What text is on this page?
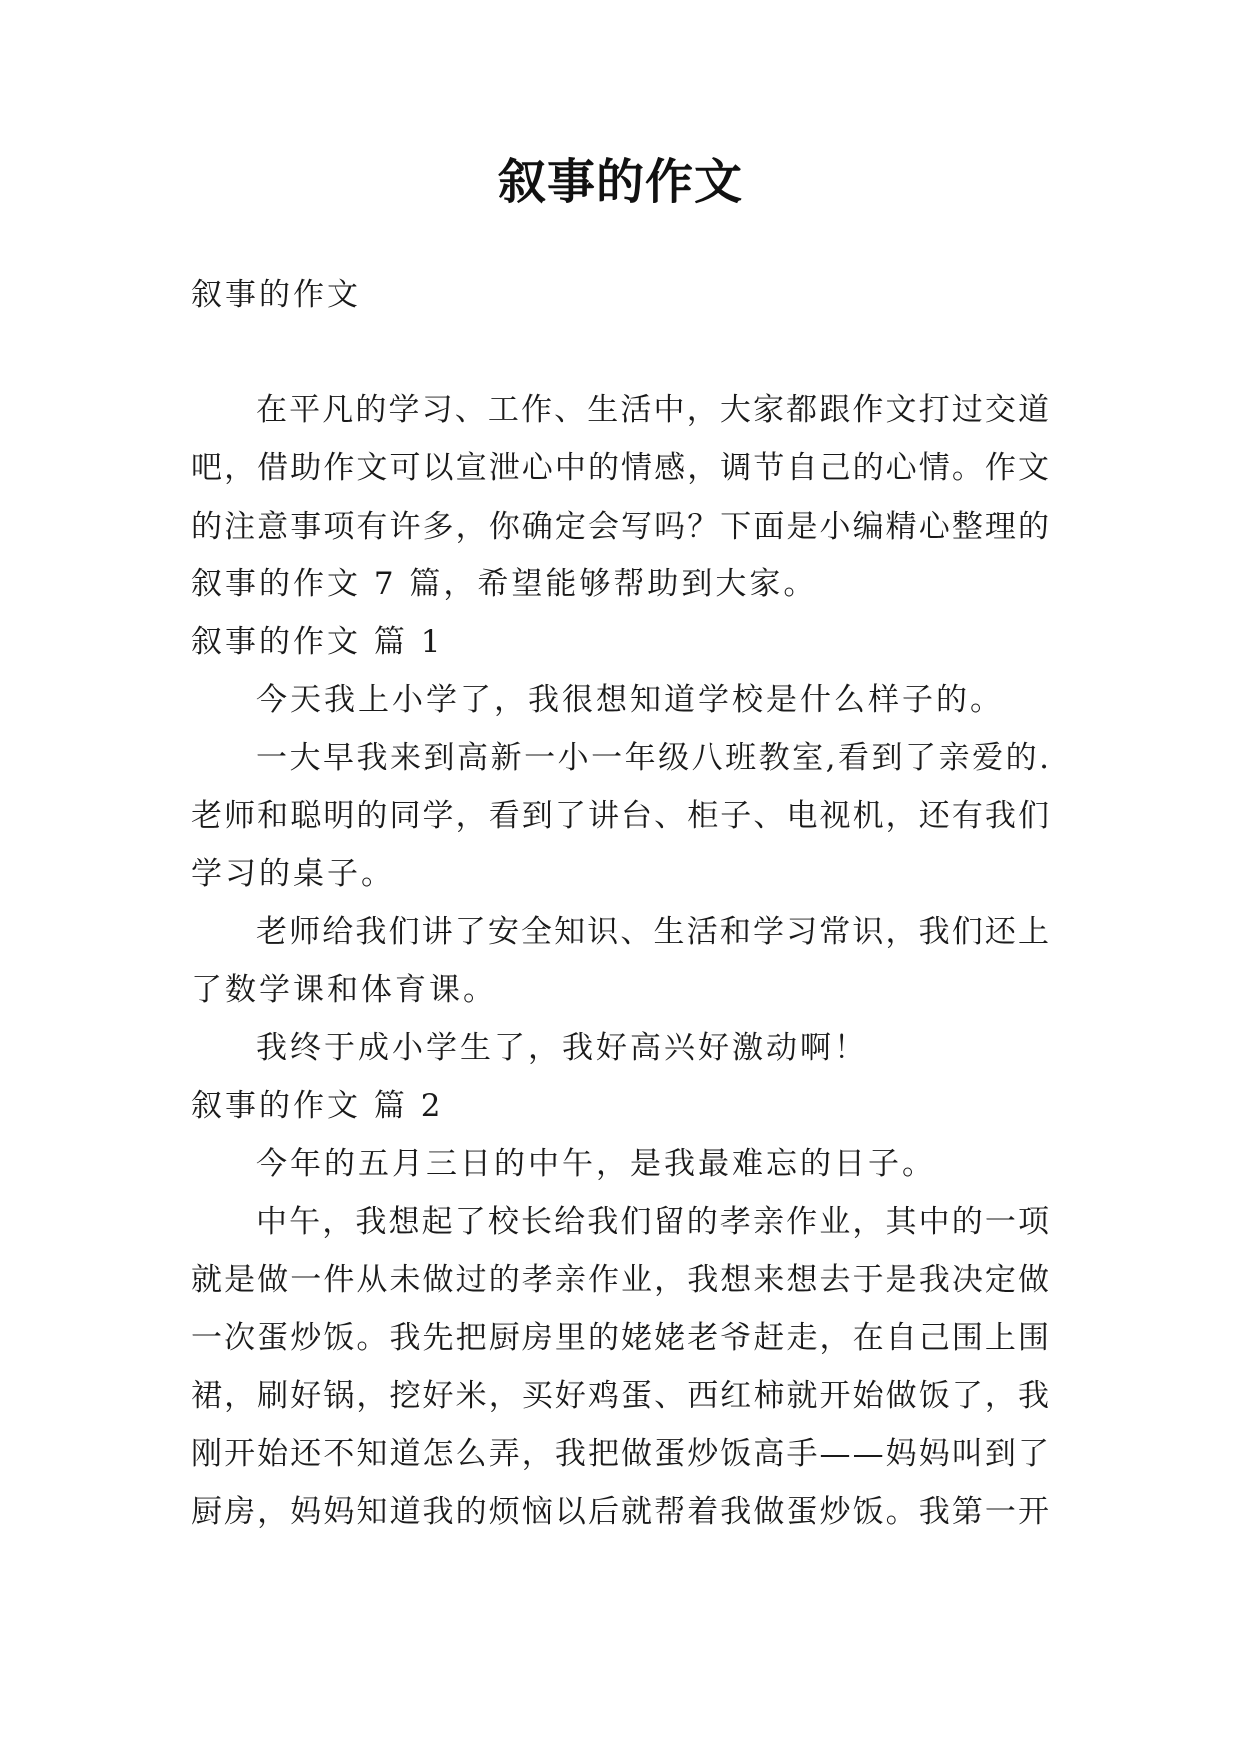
叙事的作文
叙事的作文
在平凡的学习、工作、生活中，大家都跟作文打过交道
吧，借助作文可以宣泄心中的情感，调节自己的心情。作文
的注意事项有许多，你确定会写吗？下面是小编精心整理的
叙事的作文 7 篇，希望能够帮助到大家。
叙事的作文 篇 1
今天我上小学了，我很想知道学校是什么样子的。
一大早我来到高新一小一年级八班教室,看到了亲爱的.
老师和聪明的同学，看到了讲台、柜子、电视机，还有我们
学习的桌子。
老师给我们讲了安全知识、生活和学习常识，我们还上
了数学课和体育课。
我终于成小学生了，我好高兴好激动啊！
叙事的作文 篇 2
今年的五月三日的中午，是我最难忘的日子。
中午，我想起了校长给我们留的孝亲作业，其中的一项
就是做一件从未做过的孝亲作业，我想来想去于是我决定做
一次蛋炒饭。我先把厨房里的姥姥老爷赶走，在自己围上围
裙，刷好锅，挖好米，买好鸡蛋、西红柿就开始做饭了，我
刚开始还不知道怎么弄，我把做蛋炒饭高手——妈妈叫到了
厨房，妈妈知道我的烦恼以后就帮着我做蛋炒饭。我第一开
